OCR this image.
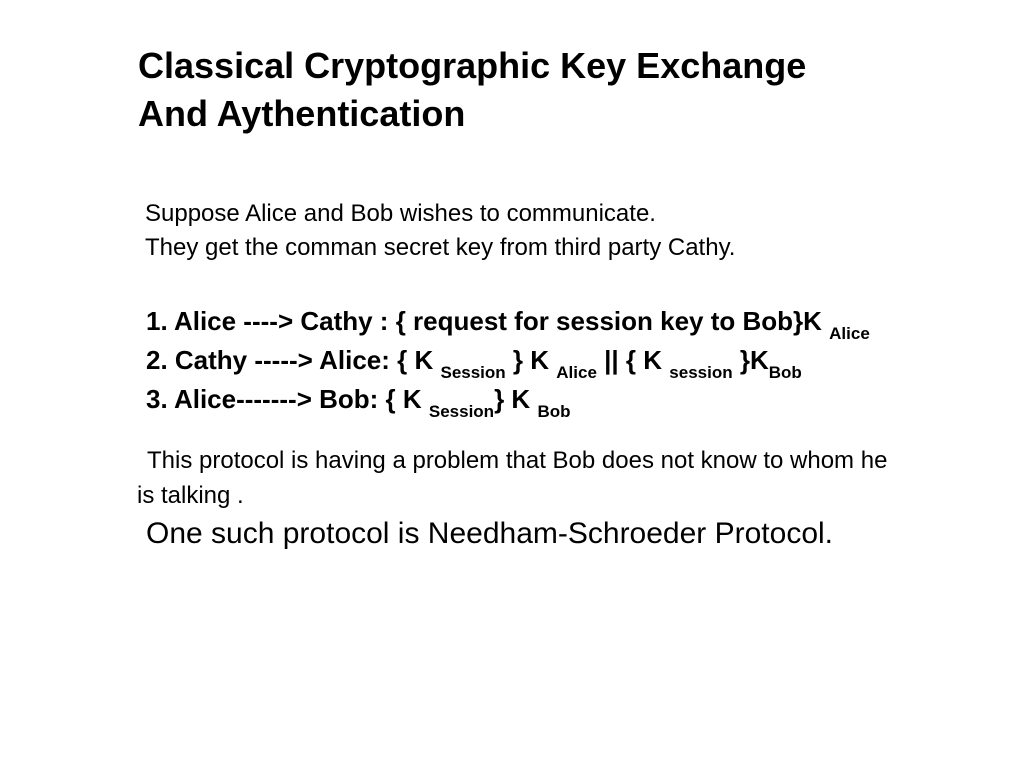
Classical Cryptographic Key Exchange
And Aythentication
Suppose Alice and Bob wishes to communicate.
They get the comman secret key from third party Cathy.
1. Alice ----> Cathy : { request for session key to Bob}K $_{Alice}$
2. Cathy -----> Alice: { K $_{Session}$ } K $_{Alice}$ || { K $_{session}$ }$K_{Bob}$
3. Alice-------> Bob: { K $_{Session}$} K $_{Bob}$
This protocol is having a problem that Bob does not know to whom he
is talking .
One such protocol is Needham-Schroeder Protocol.
